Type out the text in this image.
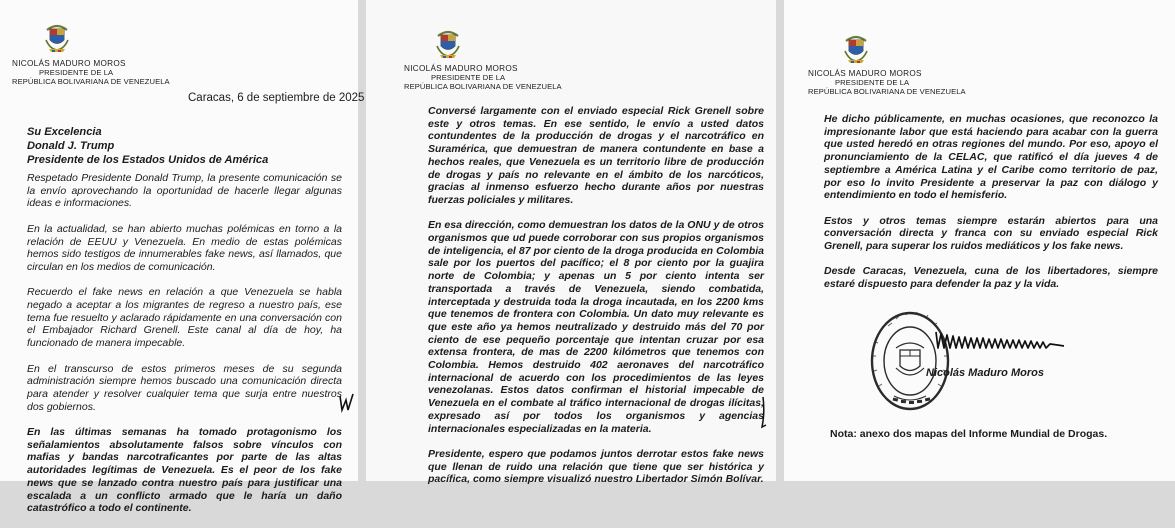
NICOLÁS MADURO MOROS
PRESIDENTE DE LA
REPÚBLICA BOLIVARIANA DE VENEZUELA
Caracas, 6 de septiembre de 2025
Su Excelencia
Donald J. Trump
Presidente de los Estados Unidos de América

Respetado Presidente Donald Trump, la presente comunicación se la envío aprovechando la oportunidad de hacerle llegar algunas ideas e informaciones.

En la actualidad, se han abierto muchas polémicas en torno a la relación de EEUU y Venezuela. En medio de estas polémicas hemos sido testigos de innumerables fake news, así llamados, que circulan en los medios de comunicación.

Recuerdo el fake news en relación a que Venezuela se habla negado a aceptar a los migrantes de regreso a nuestro país, ese tema fue resuelto y aclarado rápidamente en una conversación con el Embajador Richard Grenell. Este canal al día de hoy, ha funcionado de manera impecable.

En el transcurso de estos primeros meses de su segunda administración siempre hemos buscado una comunicación directa para atender y resolver cualquier tema que surja entre nuestros dos gobiernos.

En las últimas semanas ha tomado protagonismo los señalamientos absolutamente falsos sobre vínculos con mafias y bandas narcotraficantes por parte de las altas autoridades legítimas de Venezuela. Es el peor de los fake news que se lanzado contra nuestro país para justificar una escalada a un conflicto armado que le haría un daño catastrófico a todo el continente.

NICOLÁS MADURO MOROS
PRESIDENTE DE LA
REPÚBLICA BOLIVARIANA DE VENEZUELA

Conversé largamente con el enviado especial Rick Grenell sobre este y otros temas. En ese sentido, le envío a usted datos contundentes de la producción de drogas y el narcotráfico en Suramérica, que demuestran de manera contundente en base a hechos reales, que Venezuela es un territorio libre de producción de drogas y país no relevante en el ámbito de los narcóticos, gracias al inmenso esfuerzo hecho durante años por nuestras fuerzas policiales y militares.

En esa dirección, como demuestran los datos de la ONU y de otros organismos que ud puede corroborar con sus propios organismos de inteligencia, el 87 por ciento de la droga producida en Colombia sale por los puertos del pacífico; el 8 por ciento por la guajira norte de Colombia; y apenas un 5 por ciento intenta ser transportada a través de Venezuela, siendo combatida, interceptada y destruida toda la droga incautada, en los 2200 kms que tenemos de frontera con Colombia. Un dato muy relevante es que este año ya hemos neutralizado y destruido más del 70 por ciento de ese pequeño porcentaje que intentan cruzar por esa extensa frontera, de mas de 2200 kilómetros que tenemos con Colombia. Hemos destruido 402 aeronaves del narcotráfico internacional de acuerdo con los procedimientos de las leyes venezolanas. Estos datos confirman el historial impecable de Venezuela en el combate al tráfico internacional de drogas ilícitas, expresado así por todos los organismos y agencias internacionales especializadas en la materia.

Presidente, espero que podamos juntos derrotar estos fake news que llenan de ruido una relación que tiene que ser histórica y pacífica, como siempre visualizó nuestro Libertador Simón Bolívar.

NICOLÁS MADURO MOROS
PRESIDENTE DE LA
REPÚBLICA BOLIVARIANA DE VENEZUELA

He dicho públicamente, en muchas ocasiones, que reconozco la impresionante labor que está haciendo para acabar con la guerra que usted heredó en otras regiones del mundo. Por eso, apoyo el pronunciamiento de la CELAC, que ratificó el día jueves 4 de septiembre a América Latina y el Caribe como territorio de paz, por eso lo invito Presidente a preservar la paz con diálogo y entendimiento en todo el hemisferio.

Estos y otros temas siempre estarán abiertos para una conversación directa y franca con su enviado especial Rick Grenell, para superar los ruidos mediáticos y los fake news.

Desde Caracas, Venezuela, cuna de los libertadores, siempre estaré dispuesto para defender la paz y la vida.

Nicolás Maduro Moros
Nota: anexo dos mapas del Informe Mundial de Drogas.
